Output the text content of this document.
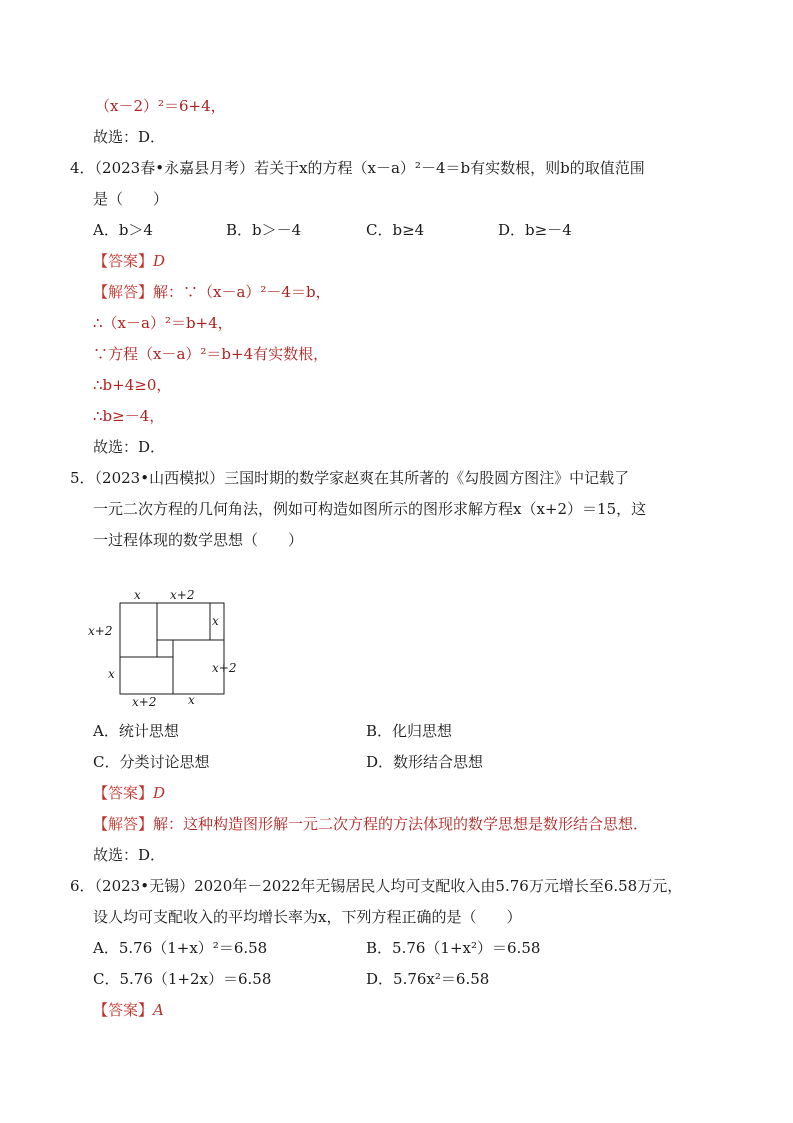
（x－2）²＝6+4，
故选：D．
4．（2023春•永嘉县月考）若关于x的方程（x－a）²－4＝b有实数根，则b的取值范围
是（　　）
A．b＞4	B．b＞－4	C．b≥4	D．b≥－4
【答案】D
【解答】解：∵（x－a）²－4＝b，
∴（x－a）²＝b+4，
∵方程（x－a）²＝b+4有实数根，
∴b+4≥0，
∴b≥－4，
故选：D．
5．（2023•山西模拟）三国时期的数学家赵爽在其所著的《勾股圆方图注》中记载了
一元二次方程的几何角法，例如可构造如图所示的图形求解方程x（x+2）＝15，这
一过程体现的数学思想（　　）
x x+2
x+2
x
x
x+2
x+2	x
A．统计思想	B．化归思想
C．分类讨论思想	D．数形结合思想
【答案】D
【解答】解：这种构造图形解一元二次方程的方法体现的数学思想是数形结合思想．
故选：D．
6．（2023•无锡）2020年－2022年无锡居民人均可支配收入由5.76万元增长至6.58万元，
设人均可支配收入的平均增长率为x，下列方程正确的是（　　）
A．5.76（1+x）²＝6.58	B．5.76（1+x²）＝6.58
C．5.76（1+2x）＝6.58	D．5.76x²＝6.58
【答案】A
